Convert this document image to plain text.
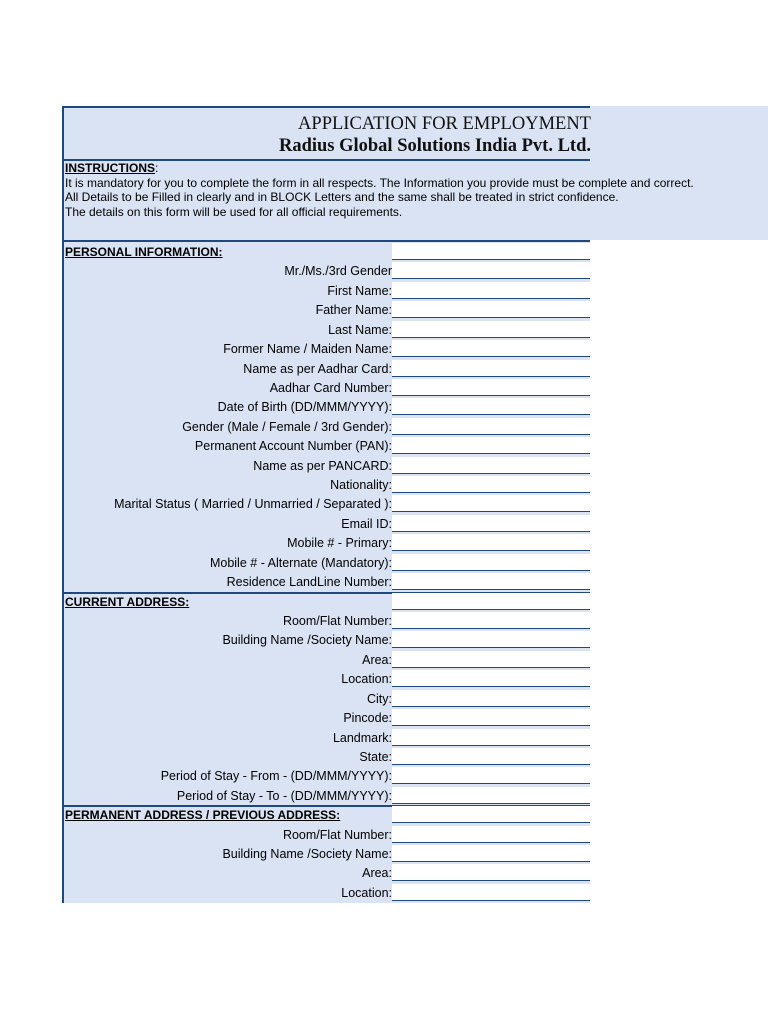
APPLICATION FOR EMPLOYMENT
Radius Global Solutions India Pvt. Ltd.
INSTRUCTIONS:
It is mandatory for you to complete the form in all respects. The Information you provide must be complete and correct.
All Details to be Filled in clearly and in BLOCK Letters and the same shall be treated in strict confidence.
The details on this form will be used for all official requirements.
PERSONAL INFORMATION:
Mr./Ms./3rd Gender
First Name:
Father Name:
Last Name:
Former Name / Maiden Name:
Name as per Aadhar Card:
Aadhar Card Number:
Date of Birth (DD/MMM/YYYY):
Gender (Male / Female / 3rd Gender):
Permanent Account Number (PAN):
Name as per PANCARD:
Nationality:
Marital Status ( Married / Unmarried / Separated ):
Email ID:
Mobile # - Primary:
Mobile # - Alternate (Mandatory):
Residence LandLine Number:
CURRENT ADDRESS:
Room/Flat Number:
Building Name /Society Name:
Area:
Location:
City:
Pincode:
Landmark:
State:
Period of Stay - From - (DD/MMM/YYYY):
Period of Stay - To - (DD/MMM/YYYY):
PERMANENT ADDRESS / PREVIOUS ADDRESS:
Room/Flat Number:
Building Name /Society Name:
Area:
Location:
